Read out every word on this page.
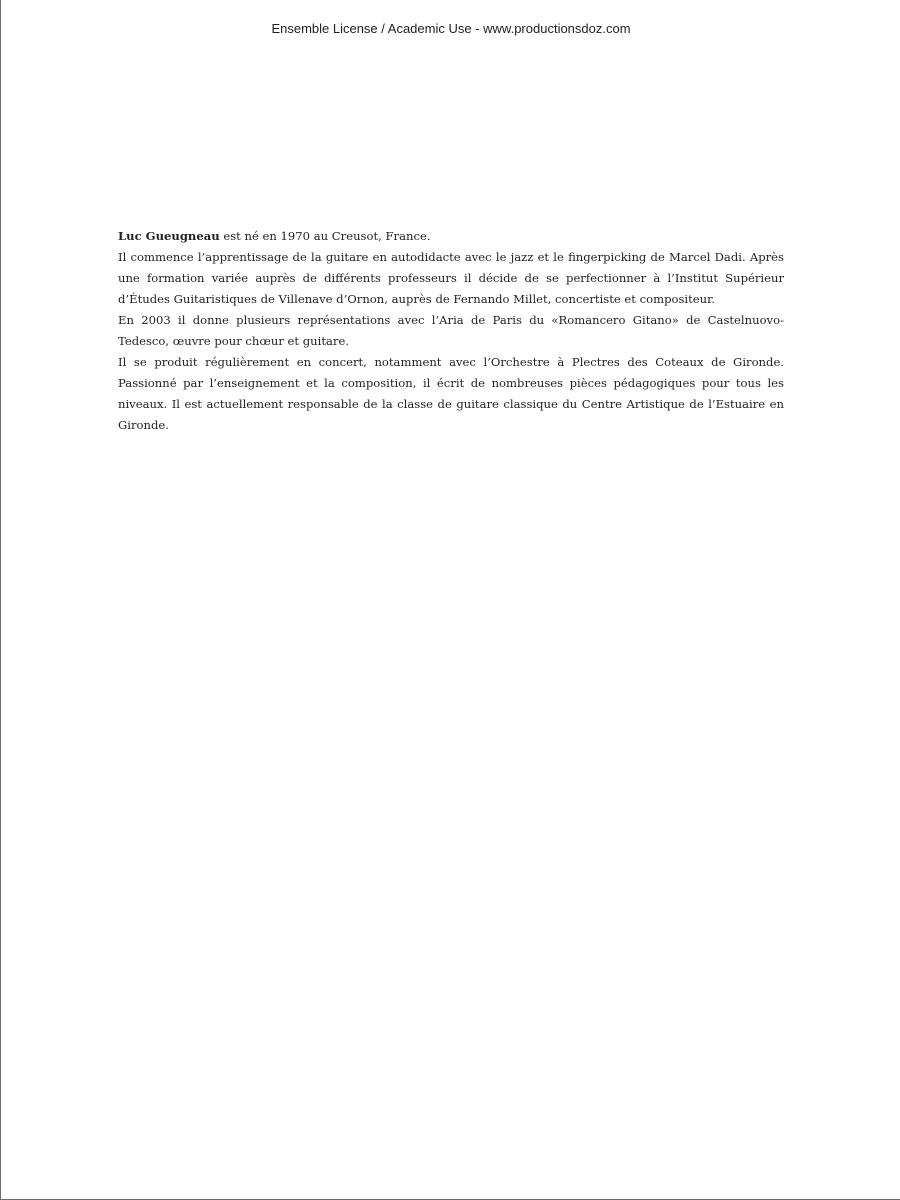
Ensemble License / Academic Use - www.productionsdoz.com

Luc Gueugneau est né en 1970 au Creusot, France.

Il commence l’apprentissage de la guitare en autodidacte avec le jazz et le fingerpicking de Marcel Dadi. Après une formation variée auprès de différents professeurs il décide de se perfectionner à l’Institut Supérieur d’Études Guitaristiques de Villenave d’Ornon, auprès de Fernando Millet, concertiste et compositeur.

En 2003 il donne plusieurs représentations avec l’Aria de Paris du «Romancero Gitano» de Castelnuovo-Tedesco, œuvre pour chœur et guitare.

Il se produit régulièrement en concert, notamment avec l’Orchestre à Plectres des Coteaux de Gironde. Passionné par l’enseignement et la composition, il écrit de nombreuses pièces pédagogiques pour tous les niveaux. Il est actuellement responsable de la classe de guitare classique du Centre Artistique de l’Estuaire en Gironde.
